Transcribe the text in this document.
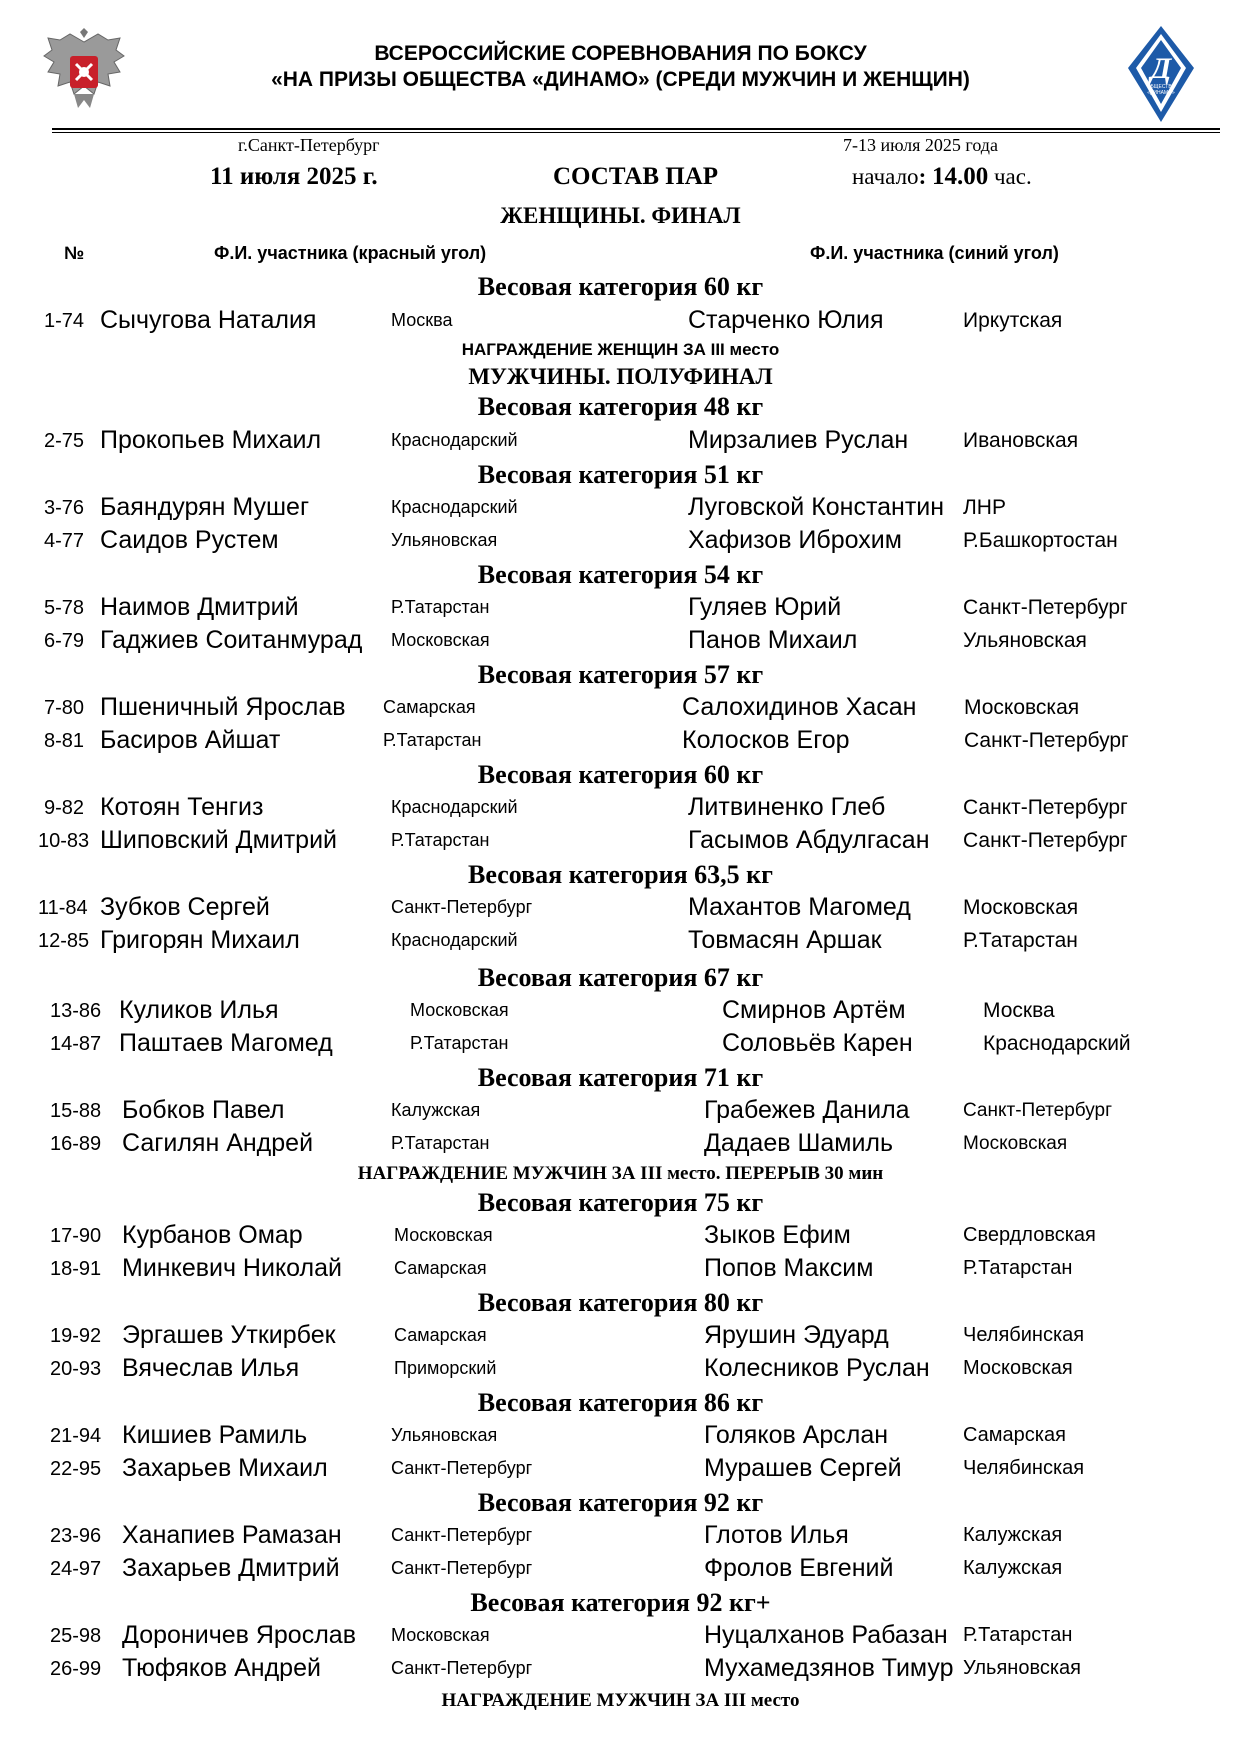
Д
ОБЩЕСТВО «ДИНАМО»
ВСЕРОССИЙСКИЕ СОРЕВНОВАНИЯ ПО БОКСУ
«НА ПРИЗЫ ОБЩЕСТВА «ДИНАМО» (СРЕДИ МУЖЧИН И ЖЕНЩИН)
г.Санкт-Петербург	7-13 июля 2025 года
11 июля 2025 г.	СОСТАВ ПАР	начало: 14.00 час.
ЖЕНЩИНЫ. ФИНАЛ
№	Ф.И. участника (красный угол)	Ф.И. участника (синий угол)
Весовая категория 60 кг
1-74 Сычугова Наталия	Москва	Старченко Юлия	Иркутская
НАГРАЖДЕНИЕ ЖЕНЩИН ЗА III место
МУЖЧИНЫ. ПОЛУФИНАЛ
Весовая категория 48 кг
2-75 Прокопьев Михаил	Краснодарский	Мирзалиев Руслан	Ивановская
Весовая категория 51 кг
3-76 Баяндурян Мушег	Краснодарский	Луговской Константин ЛНР
4-77 Саидов Рустем	Ульяновская	Хафизов Иброхим	Р.Башкортостан
Весовая категория 54 кг
5-78 Наимов Дмитрий	Р.Татарстан	Гуляев Юрий	Санкт-Петербург
6-79 Гаджиев Соитанмурад Московская	Панов Михаил	Ульяновская
Весовая категория 57 кг
7-80 Пшеничный Ярослав Самарская	Салохидинов Хасан Московская
8-81 Басиров Айшат	Р.Татарстан	Колосков Егор	Санкт-Петербург
Весовая категория 60 кг
9-82 Котоян Тенгиз	Краснодарский	Литвиненко Глеб	Санкт-Петербург
10-83 Шиповский Дмитрий	Р.Татарстан	Гасымов Абдулгасан Санкт-Петербург
Весовая категория 63,5 кг
11-84 Зубков Сергей	Санкт-Петербург	Махантов Магомед Московская
12-85 Григорян Михаил	Краснодарский	Товмасян Аршак	Р.Татарстан
Весовая категория 67 кг
13-86 Куликов Илья	Московская	Смирнов Артём	Москва
14-87 Паштаев Магомед	Р.Татарстан	Соловьёв Карен	Краснодарский
Весовая категория 71 кг
15-88 Бобков Павел	Калужская	Грабежев Данила	Санкт-Петербург
16-89 Сагилян Андрей	Р.Татарстан	Дадаев Шамиль	Московская
НАГРАЖДЕНИЕ МУЖЧИН ЗА III место. ПЕРЕРЫВ 30 мин
Весовая категория 75 кг
17-90 Курбанов Омар	Московская	Зыков Ефим	Свердловская
18-91 Минкевич Николай	Самарская	Попов Максим	Р.Татарстан
Весовая категория 80 кг
19-92 Эргашев Уткирбек	Самарская	Ярушин Эдуард	Челябинская
20-93 Вячеслав Илья	Приморский	Колесников Руслан Московская
Весовая категория 86 кг
21-94 Кишиев Рамиль	Ульяновская	Голяков Арслан	Самарская
22-95 Захарьев Михаил	Санкт-Петербург	Мурашев Сергей	Челябинская
Весовая категория 92 кг
23-96 Ханапиев Рамазан	Санкт-Петербург	Глотов Илья	Калужская
24-97 Захарьев Дмитрий	Санкт-Петербург	Фролов Евгений	Калужская
Весовая категория 92 кг+
25-98 Дороничев Ярослав Московская	Нуцалханов Рабазан Р.Татарстан
26-99 Тюфяков Андрей	Санкт-Петербург	Мухамедзянов Тимур Ульяновская
НАГРАЖДЕНИЕ МУЖЧИН ЗА III место
